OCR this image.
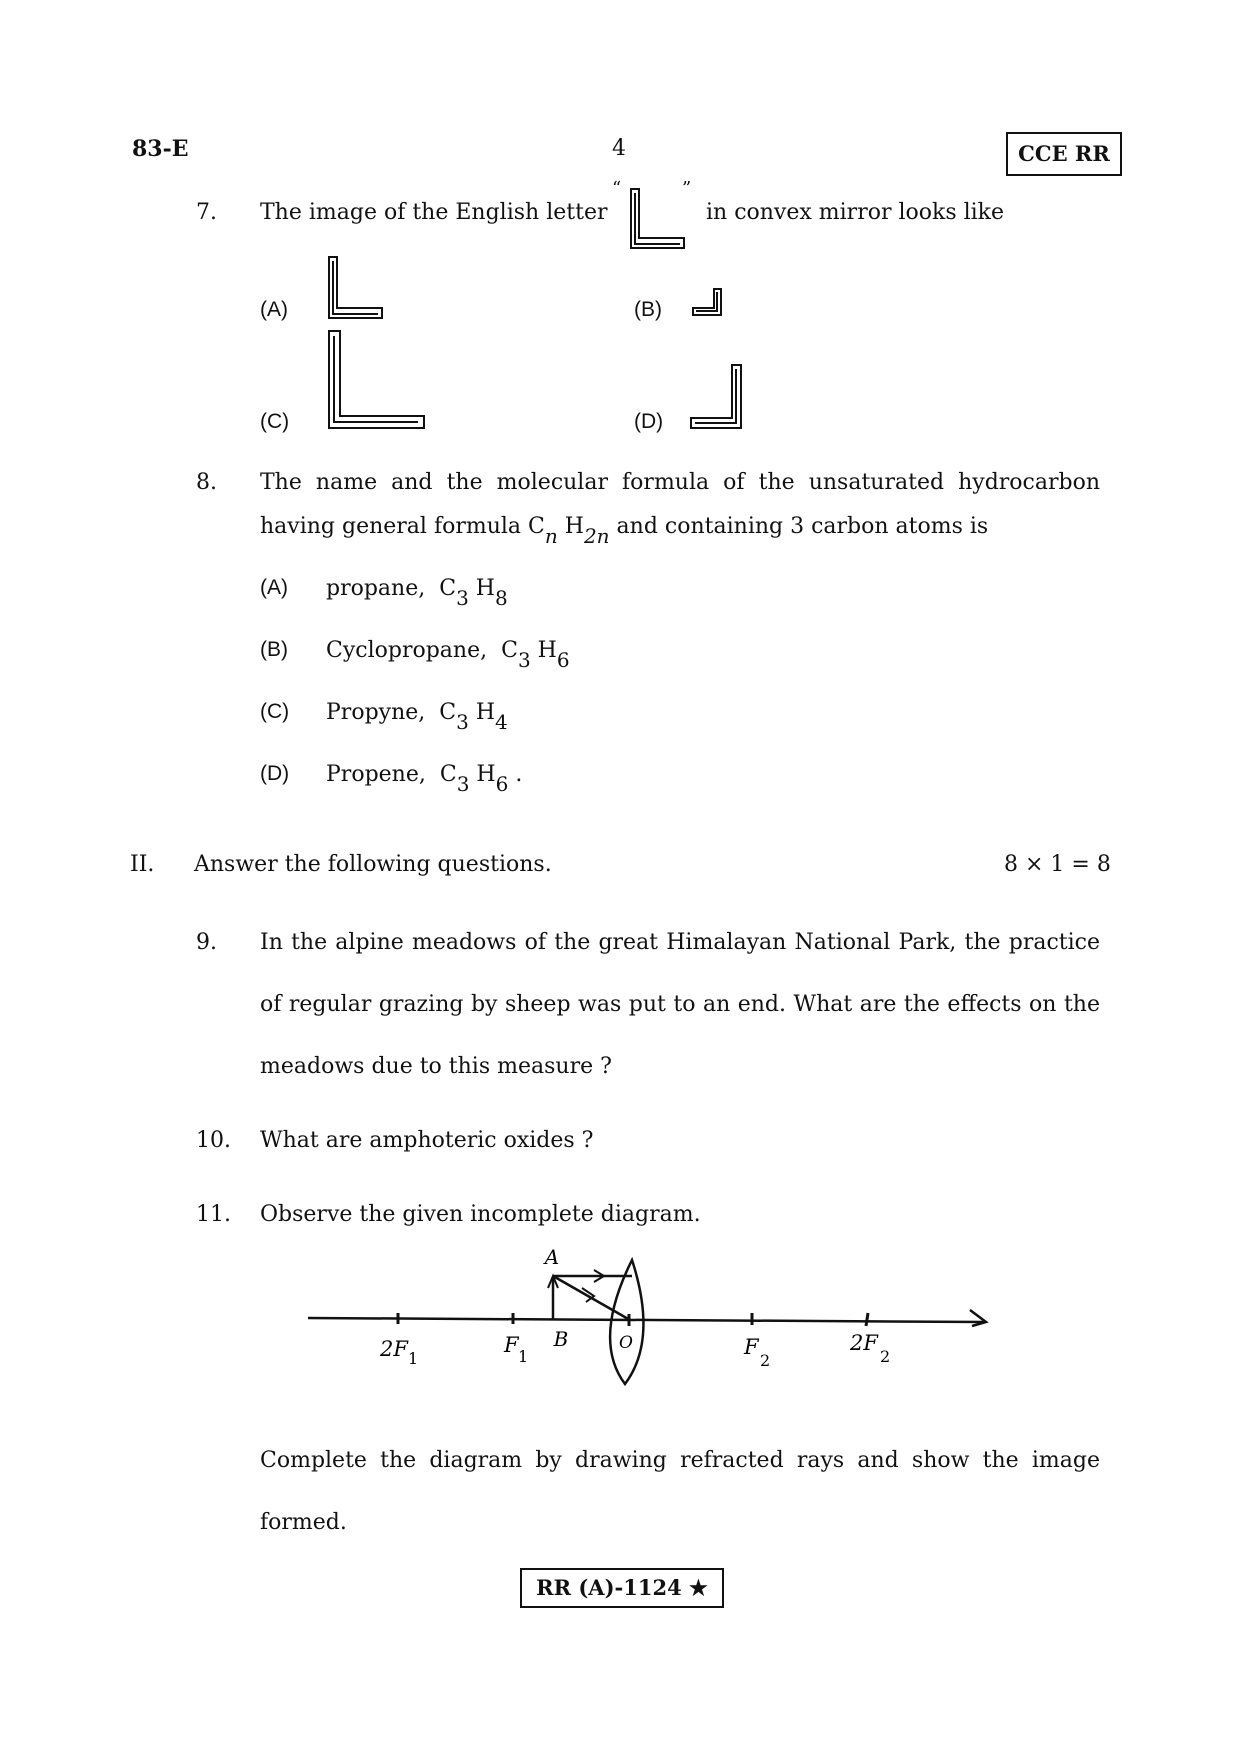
83-E	4	CCE RR
7. The image of the English letter
“	”
in convex mirror looks like
(A)	(B)
(C)	(D)
8. The name and the molecular formula of the unsaturated hydrocarbon
having general formula $C_n$ $H_{2n}$ and containing 3 carbon atoms is
(A) propane, $C_3$ $H_8$
(B) Cyclopropane, $C_3$ $H_6$
(C) Propyne, $C_3$ $H_4$
(D) Propene, $C_3$ $H_6$ .
II. Answer the following questions.	8 × 1 = 8
9. In the alpine meadows of the great Himalayan National Park, the practice
of regular grazing by sheep was put to an end. What are the effects on the
meadows due to this measure ?
10. What are amphoteric oxides ?
11. Observe the given incomplete diagram.
A
B	O
2F 1
F 1	F
2
2F
2
Complete the diagram by drawing refracted rays and show the image
formed.
RR (A)-1124 ★
